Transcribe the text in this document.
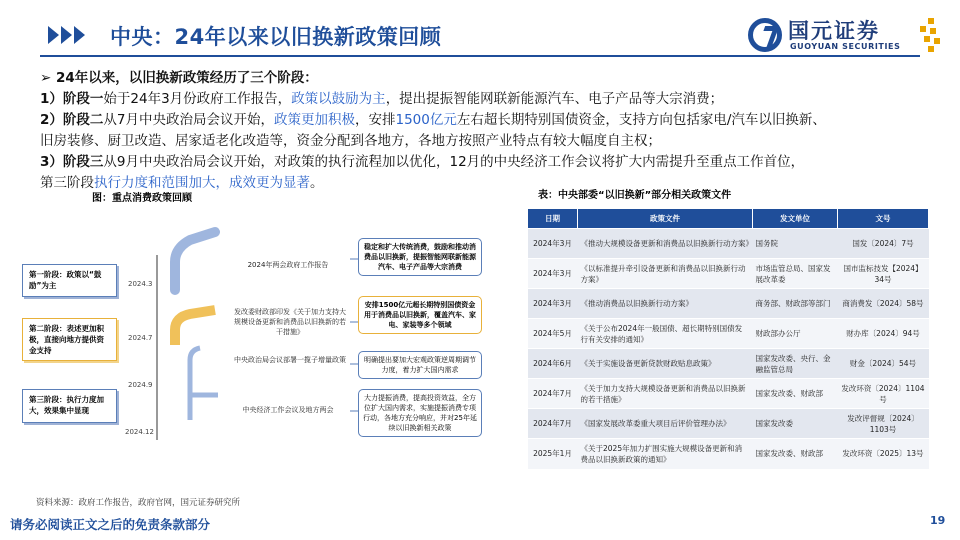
中央：24年以来以旧换新政策回顾	国元证券
GUOYUAN SECURITIES
➢ 24年以来，以旧换新政策经历了三个阶段：
1）阶段一始于24年3月份政府工作报告，政策以鼓励为主，提出提振智能网联新能源汽车、电子产品等大宗消费；
2）阶段二从7月中央政治局会议开始，政策更加积极，安排1500亿元左右超长期特别国债资金，支持方向包括家电/汽车以旧换新、
旧房装修、厨卫改造、居家适老化改造等，资金分配到各地方，各地方按照产业特点有较大幅度自主权；
3）阶段三从9月中央政治局会议开始，对政策的执行流程加以优化，12月的中央经济工作会议将扩大内需提升至重点工作首位，
第三阶段执行力度和范围加大，成效更为显著。
图：重点消费政策回顾
第一阶段：政策以“鼓励”为主
第二阶段：表述更加积极，直接向地方提供资金支持
第三阶段：执行力度加大，效果集中显现
2024.3
2024.7
2024.9
2024.12
2024年两会政府工作报告
发改委财政部印发《关于加力支持大规模设备更新和消费品以旧换新的若干措施》
中央政治局会议部署一揽子增量政策
中央经济工作会议及地方两会
稳定和扩大传统消费，鼓励和推动消费品以旧换新，提振智能网联新能源汽车、电子产品等大宗消费
安排1500亿元超长期特别国债资金用于消费品以旧换新，覆盖汽车、家电、家装等多个领域
明确提出要加大宏观政策逆周期调节力度，着力扩大国内需求
大力提振消费，提高投资效益，全方位扩大国内需求，实施提振消费专项行动，各地方充分响应，并对25年延续以旧换新相关政策
资料来源：政府工作报告，政府官网，国元证券研究所
表：中央部委“以旧换新”部分相关政策文件
日期	政策文件	发文单位	文号
2024年3月	《推动大规模设备更新和消费品以旧换新行动方案》	国务院	国发〔2024〕7号
2024年3月	《以标准提升牵引设备更新和消费品以旧换新行动方案》	市场监管总局、国家发展改革委	国市监标技发【2024】34号
2024年3月	《推动消费品以旧换新行动方案》	商务部、财政部等部门	商消费发〔2024〕58号
2024年5月	《关于公布2024年一般国债、超长期特别国债发行有关安排的通知》	财政部办公厅	财办库〔2024〕94号
2024年6月	《关于实施设备更新贷款财政贴息政策》	国家发改委、央行、金融监管总局	财金〔2024〕54号
2024年7月	《关于加力支持大规模设备更新和消费品以旧换新的若干措施》	国家发改委、财政部	发改环资〔2024〕1104号
2024年7月	《国家发展改革委重大项目后评价管理办法》	国家发改委	发改评督规〔2024〕1103号
2025年1月	《关于2025年加力扩围实施大规模设备更新和消费品以旧换新政策的通知》	国家发改委、财政部	发改环资〔2025〕13号
请务必阅读正文之后的免责条款部分	19
